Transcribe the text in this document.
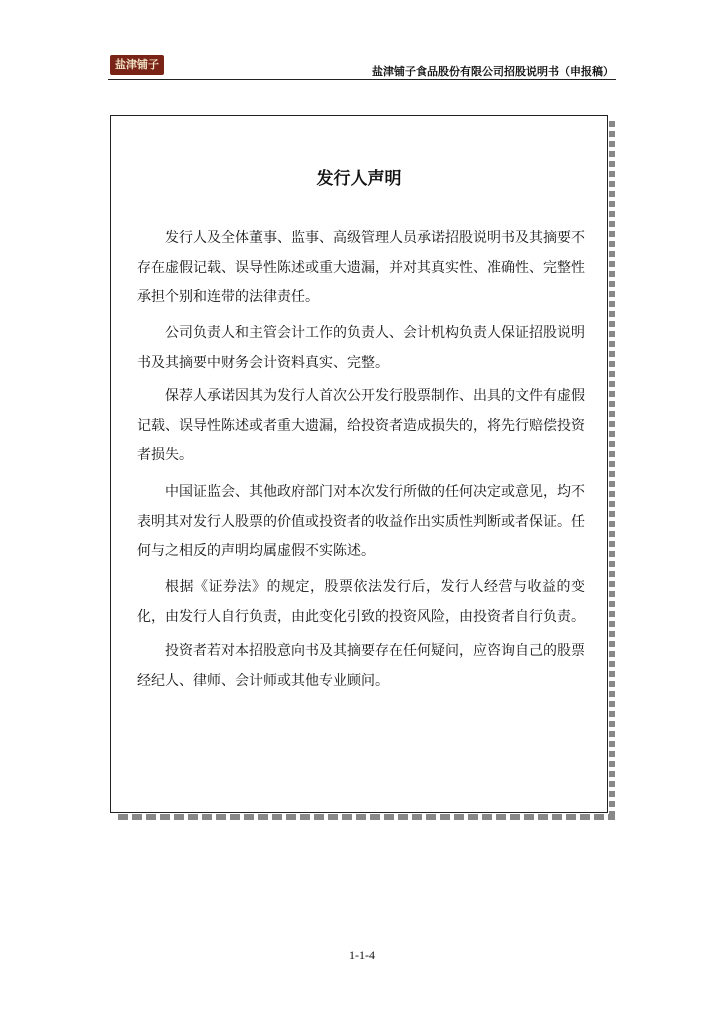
盐津铺子
盐津铺子食品股份有限公司招股说明书（申报稿）
发行人声明
发行人及全体董事、监事、高级管理人员承诺招股说明书及其摘要不存在虚假记载、误导性陈述或重大遗漏，并对其真实性、准确性、完整性承担个别和连带的法律责任。
公司负责人和主管会计工作的负责人、会计机构负责人保证招股说明书及其摘要中财务会计资料真实、完整。
保荐人承诺因其为发行人首次公开发行股票制作、出具的文件有虚假记载、误导性陈述或者重大遗漏，给投资者造成损失的，将先行赔偿投资者损失。
中国证监会、其他政府部门对本次发行所做的任何决定或意见，均不表明其对发行人股票的价值或投资者的收益作出实质性判断或者保证。任何与之相反的声明均属虚假不实陈述。
根据《证券法》的规定，股票依法发行后，发行人经营与收益的变化，由发行人自行负责，由此变化引致的投资风险，由投资者自行负责。
投资者若对本招股意向书及其摘要存在任何疑问，应咨询自己的股票经纪人、律师、会计师或其他专业顾问。
1-1-4
